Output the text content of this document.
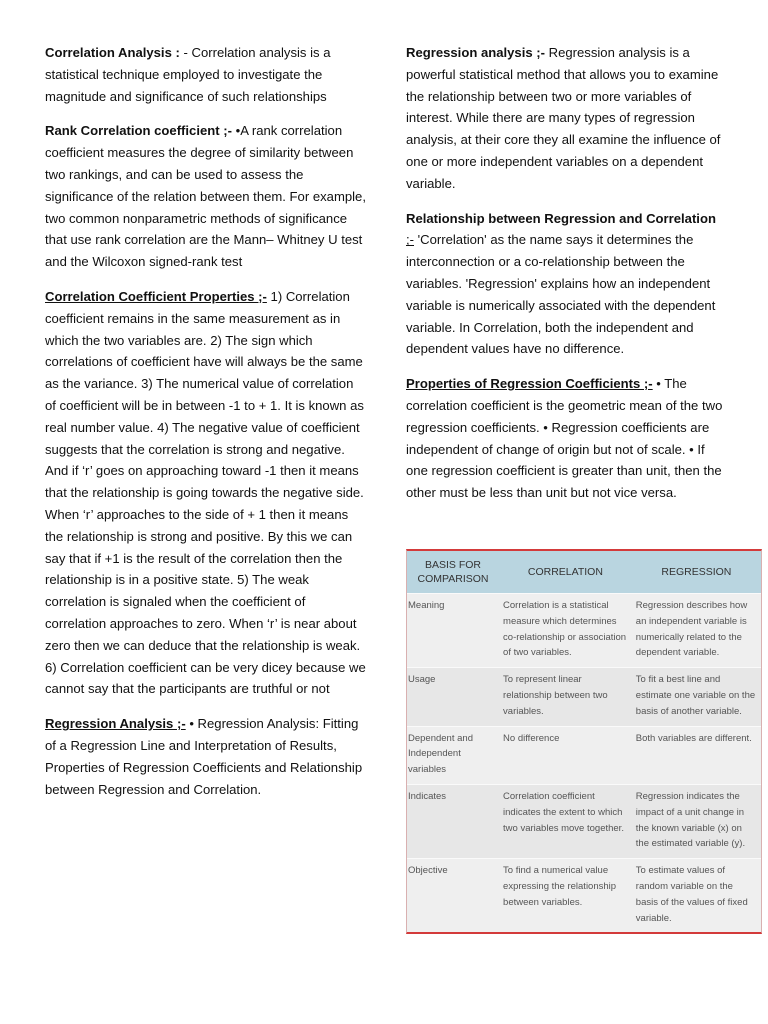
Correlation Analysis : - Correlation analysis is a statistical technique employed to investigate the magnitude and significance of such relationships

Rank Correlation coefficient ;- •A rank correlation coefficient measures the degree of similarity between two rankings, and can be used to assess the significance of the relation between them. For example, two common nonparametric methods of significance that use rank correlation are the Mann– Whitney U test and the Wilcoxon signed-rank test

Correlation Coefficient Properties ;- 1) Correlation coefficient remains in the same measurement as in which the two variables are. 2) The sign which correlations of coefficient have will always be the same as the variance. 3) The numerical value of correlation of coefficient will be in between -1 to + 1. It is known as real number value. 4) The negative value of coefficient suggests that the correlation is strong and negative. And if ‘r’ goes on approaching toward -1 then it means that the relationship is going towards the negative side. When ‘r’ approaches to the side of + 1 then it means the relationship is strong and positive. By this we can say that if +1 is the result of the correlation then the relationship is in a positive state. 5) The weak correlation is signaled when the coefficient of correlation approaches to zero. When ‘r’ is near about zero then we can deduce that the relationship is weak. 6) Correlation coefficient can be very dicey because we cannot say that the participants are truthful or not

Regression Analysis ;- • Regression Analysis: Fitting of a Regression Line and Interpretation of Results, Properties of Regression Coefficients and Relationship between Regression and Correlation.

Regression analysis ;- Regression analysis is a powerful statistical method that allows you to examine the relationship between two or more variables of interest. While there are many types of regression analysis, at their core they all examine the influence of one or more independent variables on a dependent variable.

Relationship between Regression and Correlation ;- 'Correlation' as the name says it determines the interconnection or a co-relationship between the variables. 'Regression' explains how an independent variable is numerically associated with the dependent variable. In Correlation, both the independent and dependent values have no difference.

Properties of Regression Coefficients ;- • The correlation coefficient is the geometric mean of the two regression coefficients. • Regression coefficients are independent of change of origin but not of scale. • If one regression coefficient is greater than unit, then the other must be less than unit but not vice versa.

BASIS FOR COMPARISON	CORRELATION	REGRESSION
Meaning	Correlation is a statistical measure which determines co-relationship or association of two variables.	Regression describes how an independent variable is numerically related to the dependent variable.
Usage	To represent linear relationship between two variables.	To fit a best line and estimate one variable on the basis of another variable.
Dependent and Independent variables	No difference	Both variables are different.
Indicates	Correlation coefficient indicates the extent to which two variables move together.	Regression indicates the impact of a unit change in the known variable (x) on the estimated variable (y).
Objective	To find a numerical value expressing the relationship between variables.	To estimate values of random variable on the basis of the values of fixed variable.
